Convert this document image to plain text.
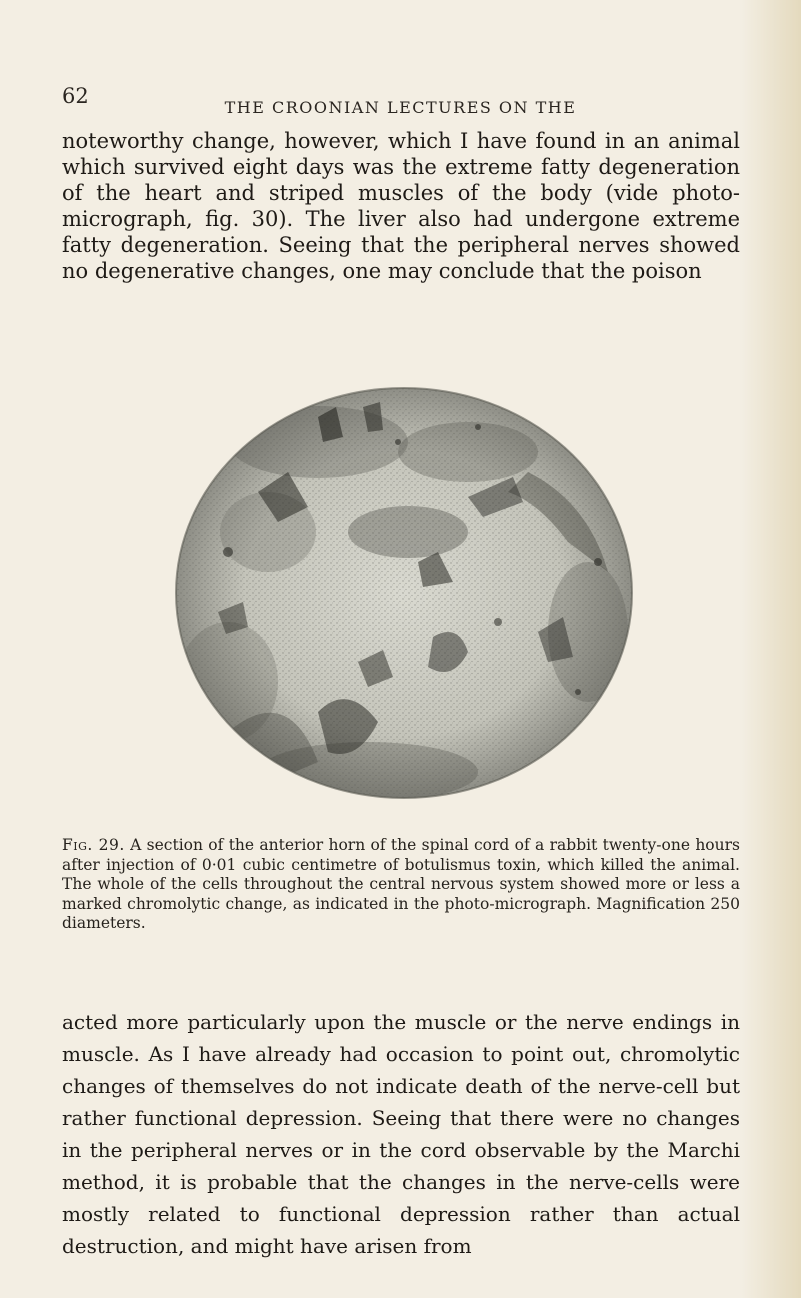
62	THE CROONIAN LECTURES ON THE

noteworthy change, however, which I have found in an animal which survived eight days was the extreme fatty degeneration of the heart and striped muscles of the body (vide photo-micrograph, fig. 30). The liver also had undergone extreme fatty degeneration. Seeing that the peripheral nerves showed no degenerative changes, one may conclude that the poison

Fig. 29. A section of the anterior horn of the spinal cord of a rabbit twenty-one hours after injection of 0·01 cubic centimetre of botulismus toxin, which killed the animal. The whole of the cells throughout the central nervous system showed more or less a marked chromolytic change, as indicated in the photo-micrograph. Magnification 250 diameters.

acted more particularly upon the muscle or the nerve endings in muscle. As I have already had occasion to point out, chromolytic changes of themselves do not indicate death of the nerve-cell but rather functional depression. Seeing that there were no changes in the peripheral nerves or in the cord observable by the Marchi method, it is probable that the changes in the nerve-cells were mostly related to functional depression rather than actual destruction, and might have arisen from
